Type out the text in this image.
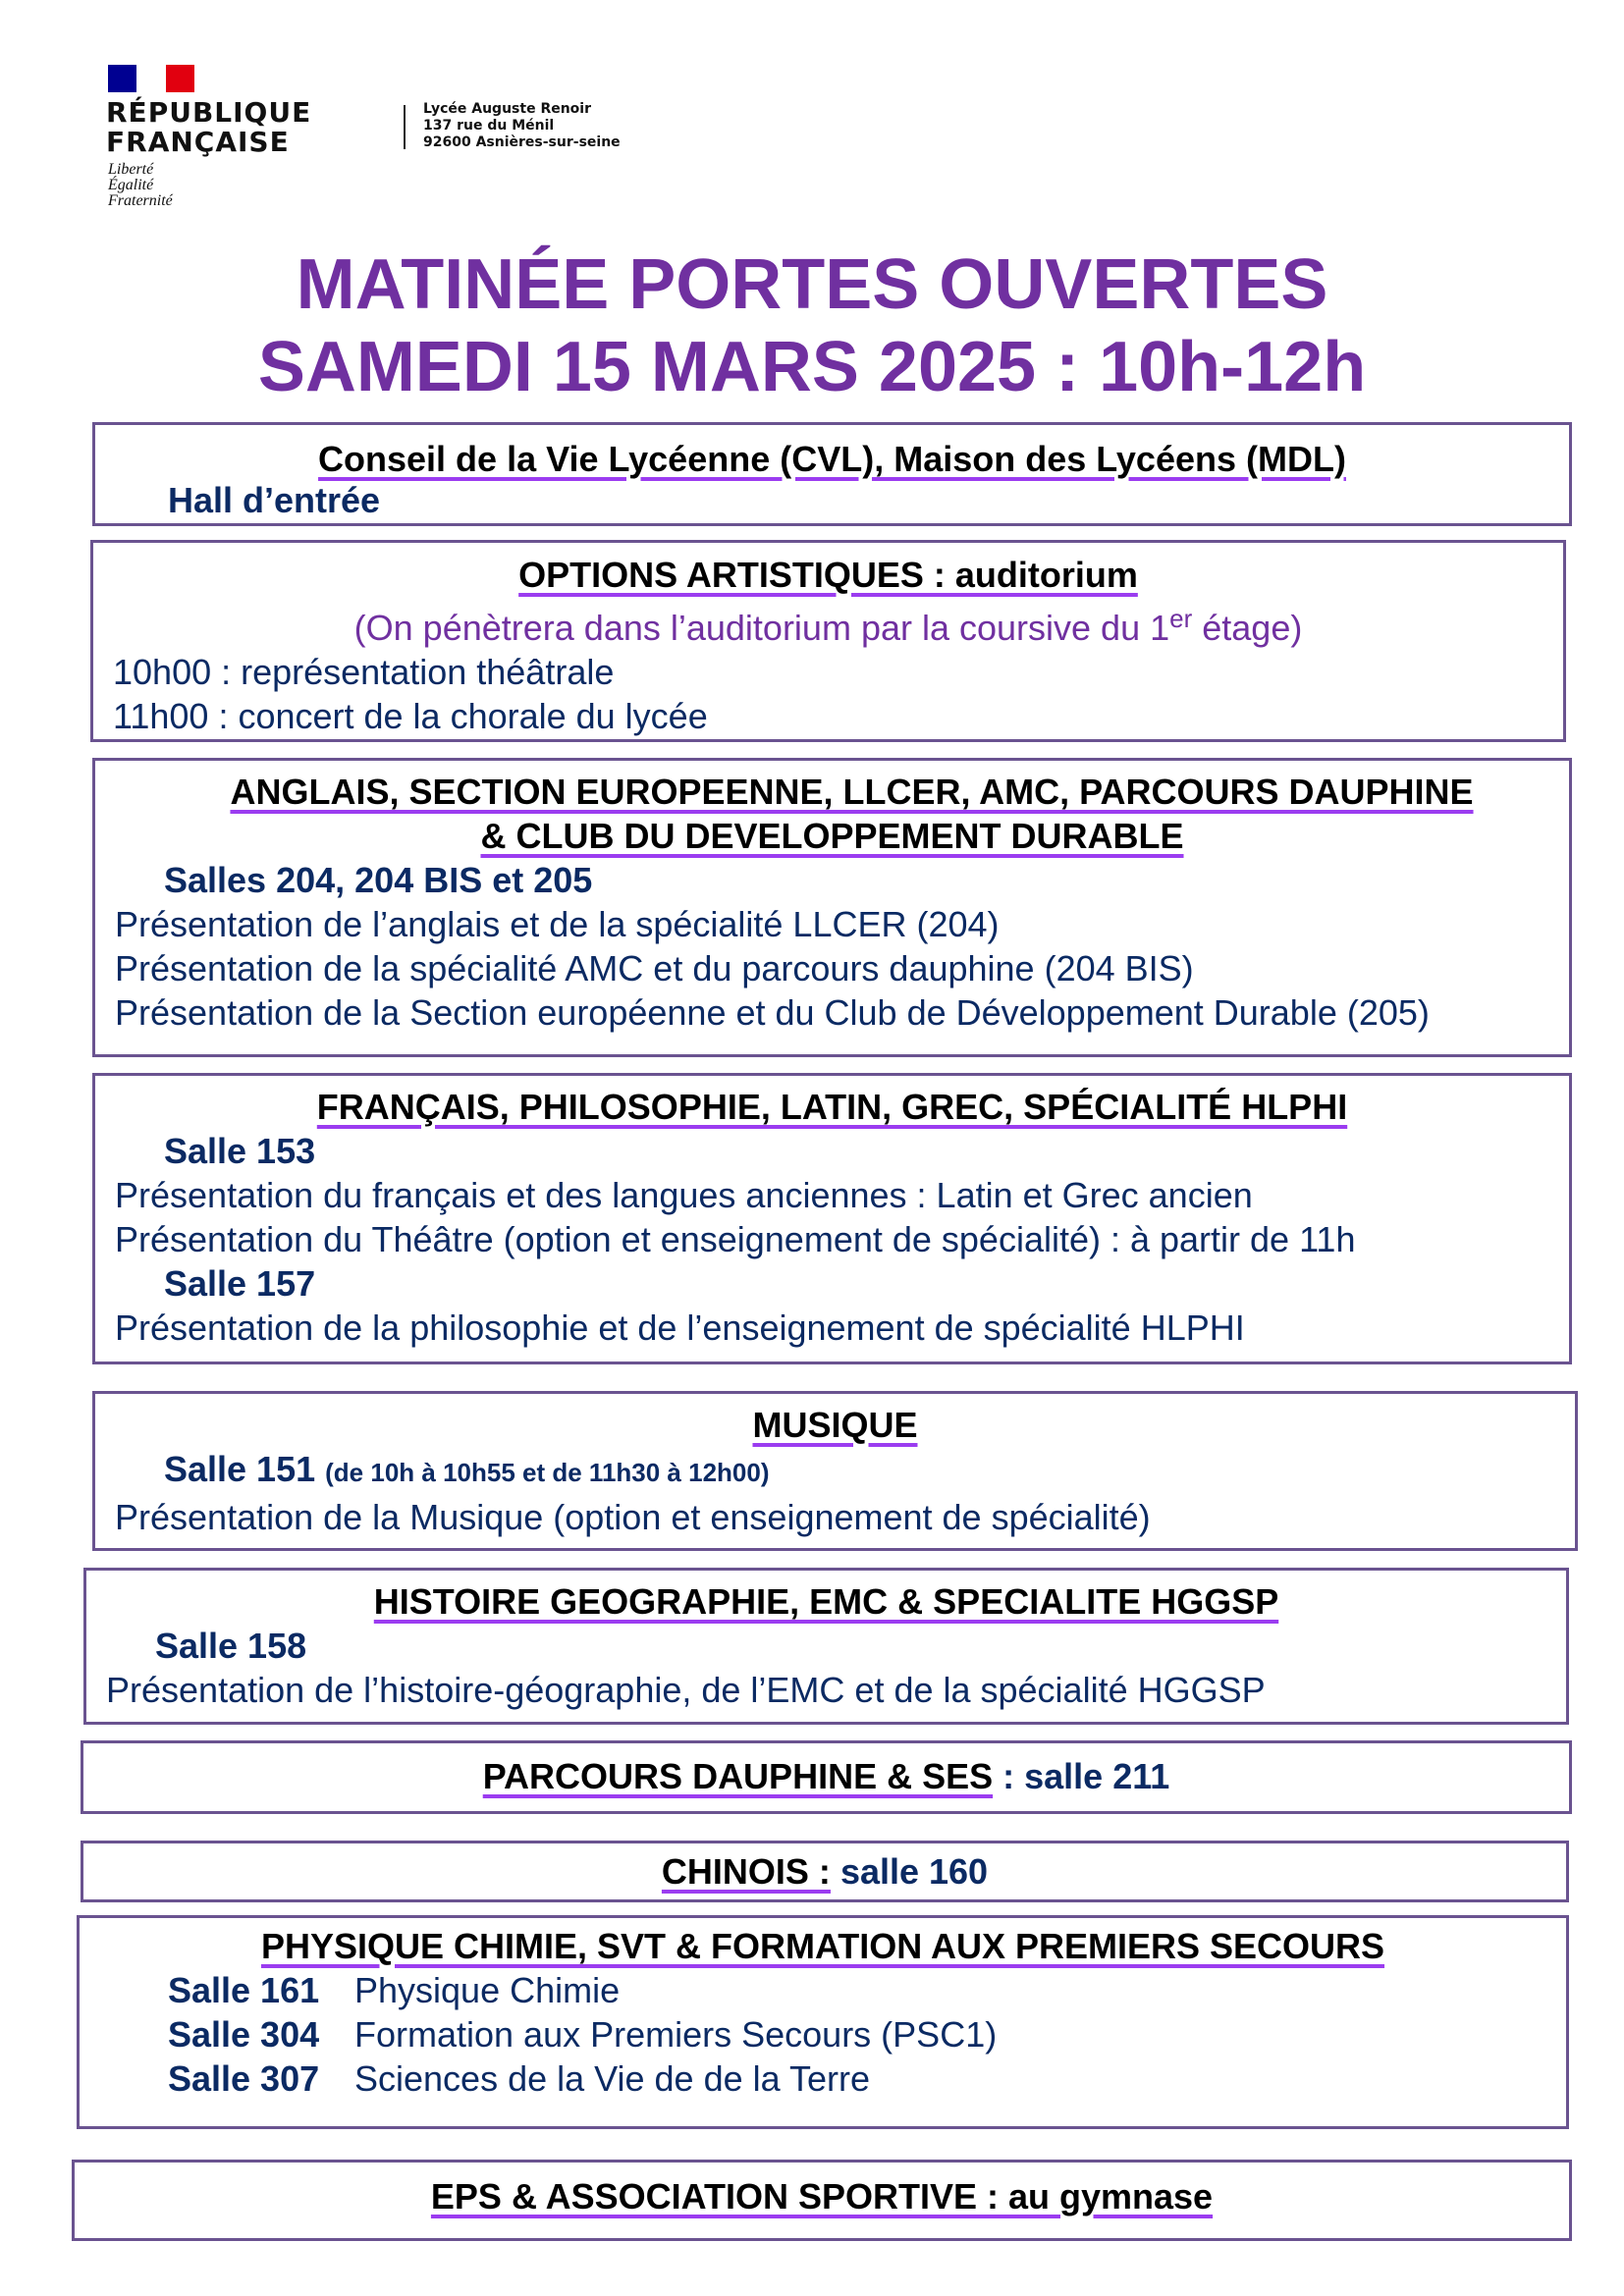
RÉPUBLIQUE
FRANÇAISE
Liberté
Égalité
Fraternité
Lycée Auguste Renoir
137 rue du Ménil
92600 Asnières-sur-seine
MATINÉE PORTES OUVERTES
SAMEDI 15 MARS 2025 : 10h-12h
Conseil de la Vie Lycéenne (CVL), Maison des Lycéens (MDL)
Hall d’entrée
OPTIONS ARTISTIQUES : auditorium
(On pénètrera dans l’auditorium par la coursive du 1er étage)
10h00 : représentation théâtrale
11h00 : concert de la chorale du lycée
ANGLAIS, SECTION EUROPEENNE, LLCER, AMC, PARCOURS DAUPHINE
& CLUB DU DEVELOPPEMENT DURABLE
Salles 204, 204 BIS et 205
Présentation de l’anglais et de la spécialité LLCER (204)
Présentation de la spécialité AMC et du parcours dauphine (204 BIS)
Présentation de la Section européenne et du Club de Développement Durable (205)
FRANÇAIS, PHILOSOPHIE, LATIN, GREC, SPÉCIALITÉ HLPHI
Salle 153
Présentation du français et des langues anciennes : Latin et Grec ancien
Présentation du Théâtre (option et enseignement de spécialité) : à partir de 11h
Salle 157
Présentation de la philosophie et de l’enseignement de spécialité HLPHI
MUSIQUE
Salle 151 (de 10h à 10h55 et de 11h30 à 12h00)
Présentation de la Musique (option et enseignement de spécialité)
HISTOIRE GEOGRAPHIE, EMC & SPECIALITE HGGSP
Salle 158
Présentation de l’histoire-géographie, de l’EMC et de la spécialité HGGSP
PARCOURS DAUPHINE & SES : salle 211
CHINOIS : salle 160
PHYSIQUE CHIMIE, SVT & FORMATION AUX PREMIERS SECOURS
Salle 161 Physique Chimie
Salle 304 Formation aux Premiers Secours (PSC1)
Salle 307 Sciences de la Vie de de la Terre
EPS & ASSOCIATION SPORTIVE : au gymnase
